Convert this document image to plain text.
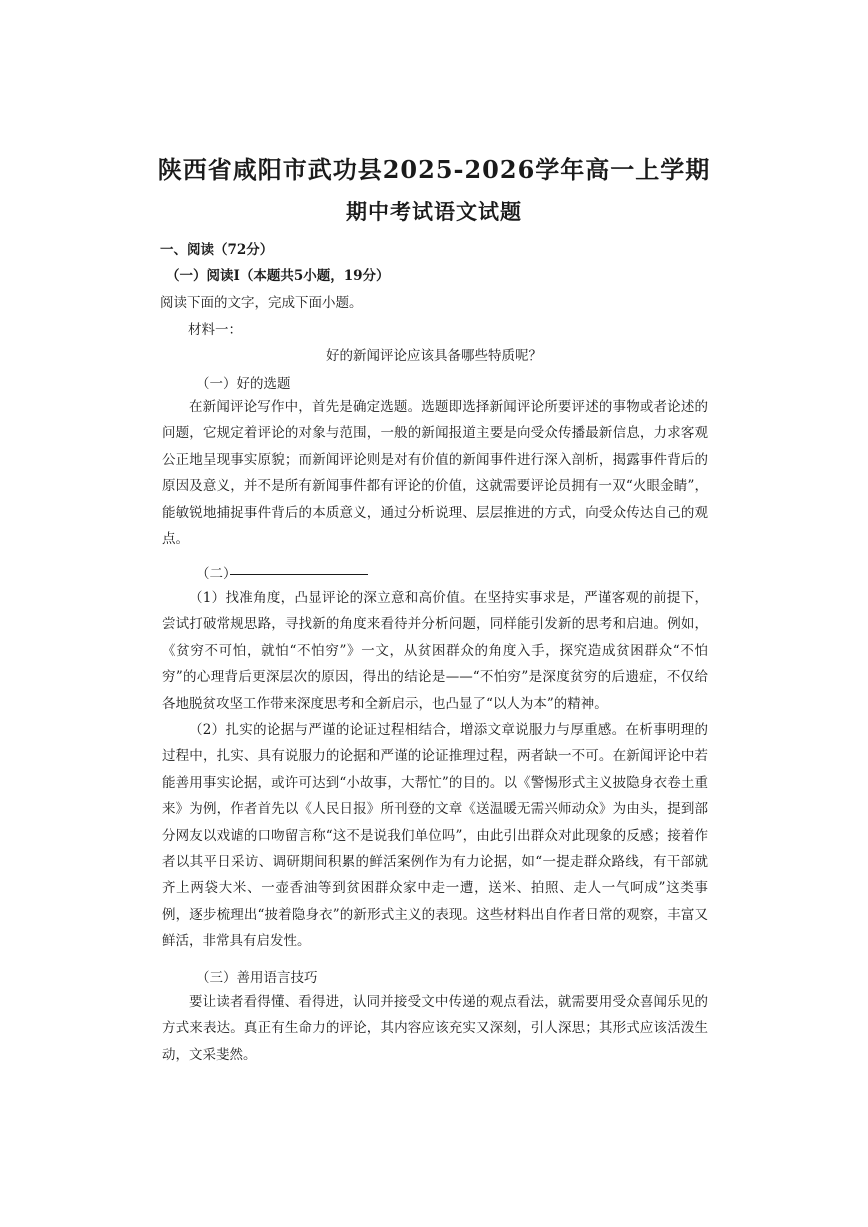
陕西省咸阳市武功县2025-2026学年高一上学期
期中考试语文试题
一、阅读（72分）
（一）阅读Ⅰ（本题共5小题，19分）
阅读下面的文字，完成下面小题。
材料一：
好的新闻评论应该具备哪些特质呢？
（一）好的选题
在新闻评论写作中，首先是确定选题。选题即选择新闻评论所要评述的事物或者论述的问题，它规定着评论的对象与范围，一般的新闻报道主要是向受众传播最新信息，力求客观公正地呈现事实原貌；而新闻评论则是对有价值的新闻事件进行深入剖析，揭露事件背后的原因及意义，并不是所有新闻事件都有评论的价值，这就需要评论员拥有一双“火眼金睛”，能敏锐地捕捉事件背后的本质意义，通过分析说理、层层推进的方式，向受众传达自己的观点。
（二）
（1）找准角度，凸显评论的深立意和高价值。在坚持实事求是，严谨客观的前提下，尝试打破常规思路，寻找新的角度来看待并分析问题，同样能引发新的思考和启迪。例如，《贫穷不可怕，就怕“不怕穷”》一文，从贫困群众的角度入手，探究造成贫困群众“不怕穷”的心理背后更深层次的原因，得出的结论是——“不怕穷”是深度贫穷的后遗症，不仅给各地脱贫攻坚工作带来深度思考和全新启示，也凸显了“以人为本”的精神。
（2）扎实的论据与严谨的论证过程相结合，增添文章说服力与厚重感。在析事明理的过程中，扎实、具有说服力的论据和严谨的论证推理过程，两者缺一不可。在新闻评论中若能善用事实论据，或许可达到“小故事，大帮忙”的目的。以《警惕形式主义披隐身衣卷土重来》为例，作者首先以《人民日报》所刊登的文章《送温暖无需兴师动众》为由头，提到部分网友以戏谑的口吻留言称“这不是说我们单位吗”，由此引出群众对此现象的反感；接着作者以其平日采访、调研期间积累的鲜活案例作为有力论据，如“一提走群众路线，有干部就齐上两袋大米、一壶香油等到贫困群众家中走一遭，送米、拍照、走人一气呵成”这类事例，逐步梳理出“披着隐身衣”的新形式主义的表现。这些材料出自作者日常的观察，丰富又鲜活，非常具有启发性。
（三）善用语言技巧
要让读者看得懂、看得进，认同并接受文中传递的观点看法，就需要用受众喜闻乐见的方式来表达。真正有生命力的评论，其内容应该充实又深刻，引人深思；其形式应该活泼生动，文采斐然。
